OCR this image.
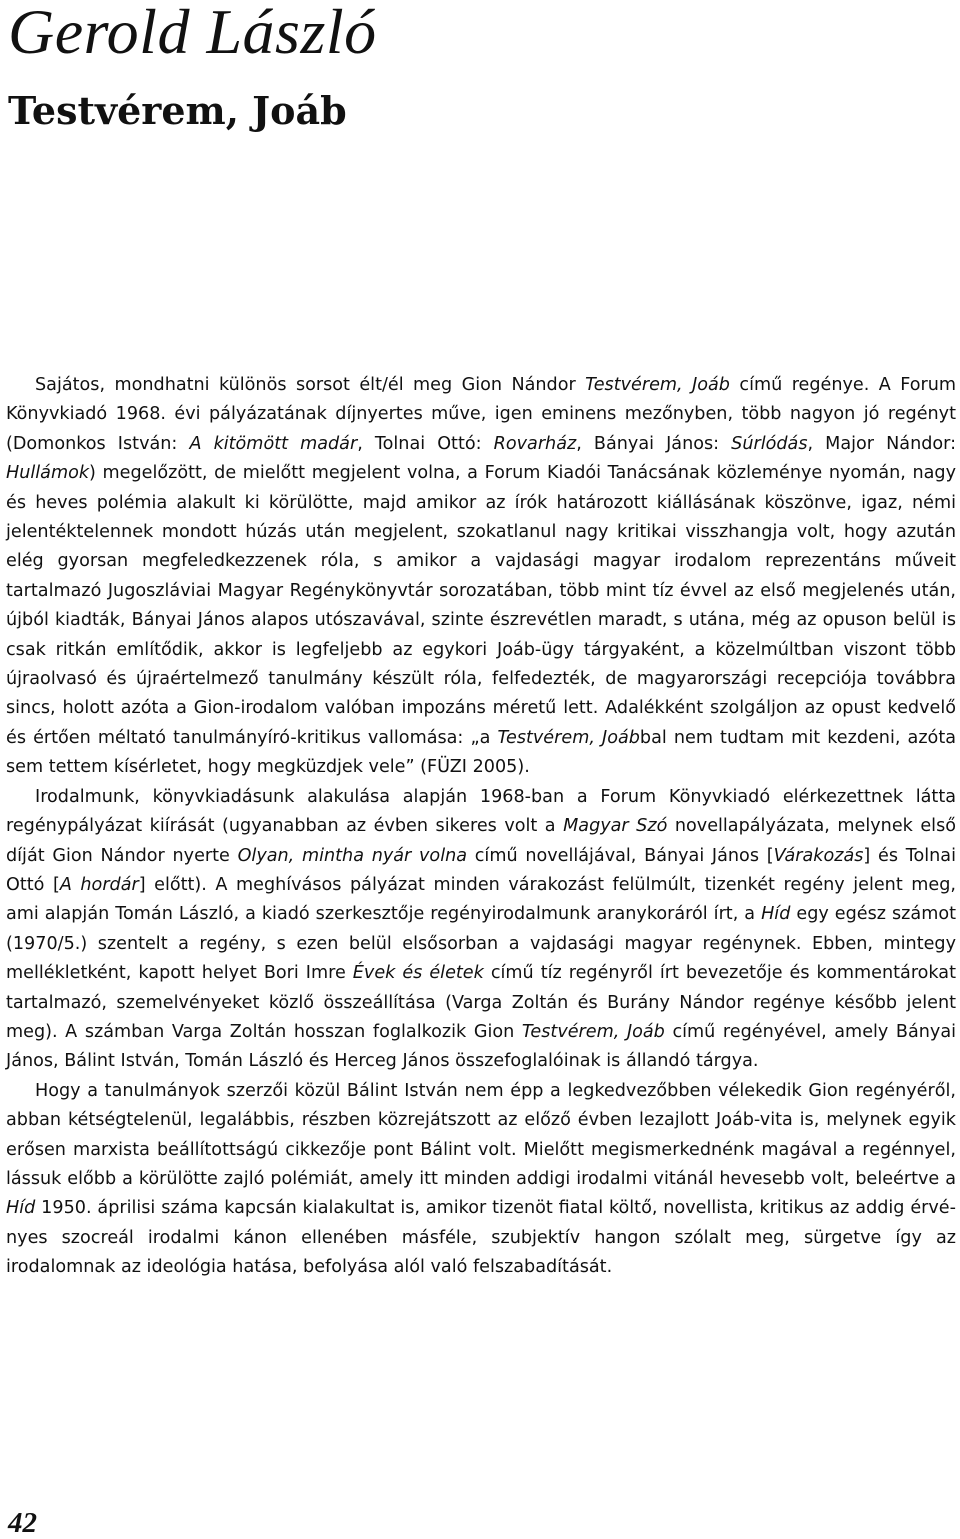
Gerold László
Testvérem, Joáb

Sajátos, mondhatni különös sorsot élt/él meg Gion Nándor Testvérem, Joáb című regénye. A Forum Könyvkiadó 1968. évi pályázatának díjnyertes műve, igen eminens mezőnyben, több nagyon jó regényt (Domonkos István: A kitömött madár, Tolnai Ottó: Rovarház, Bányai János: Súrlódás, Major Nándor: Hullámok) megelőzött, de mielőtt megjelent volna, a Forum Kiadói Tanácsának közleménye nyomán, nagy és heves polémia alakult ki körülötte, majd amikor az írók határozott kiállásának köszönve, igaz, némi jelentéktelennek mondott húzás után megjelent, szokatlanul nagy kritikai visszhangja volt, hogy azután elég gyorsan megfeledkezzenek róla, s amikor a vajdasági magyar irodalom reprezentáns műveit tartalmazó Jugoszláviai Magyar Regénykönyvtár sorozatában, több mint tíz évvel az első megjelenés után, újból kiadták, Bányai János alapos utószavával, szinte észrevétlen maradt, s utána, még az opuson belül is csak ritkán említődik, akkor is legfeljebb az egykori Joáb-ügy tárgyaként, a közelmúltban viszont több újraolvasó és újraértelmező tanulmány készült róla, felfedezték, de magyarországi recepciója továbbra sincs, holott azóta a Gion-irodalom valóban impozáns méretű lett. Adalékként szolgáljon az opust kedvelő és értően méltató tanulmányíró-kritikus vallomása: „a Testvérem, Joábbal nem tudtam mit kezdeni, azóta sem tettem kísérletet, hogy megküzdjek vele” (FÜZI 2005).

Irodalmunk, könyvkiadásunk alakulása alapján 1968-ban a Forum Könyvkiadó elérkezettnek látta regénypályázat kiírását (ugyanabban az évben sikeres volt a Magyar Szó novellapályázata, melynek első díját Gion Nándor nyerte Olyan, mintha nyár volna című novellájával, Bányai János [Várakozás] és Tolnai Ottó [A hordár] előtt). A meghívásos pályázat minden várakozást felülmúlt, tizenkét regény jelent meg, ami alapján Tomán László, a kiadó szerkesztője regényirodalmunk aranykoráról írt, a Híd egy egész számot (1970/5.) szentelt a regény, s ezen belül elsősorban a vajdasági magyar regénynek. Ebben, mintegy mellékletként, kapott helyet Bori Imre Évek és életek című tíz regényről írt bevezetője és kommentárokat tartalmazó, szemelvényeket közlő összeállítása (Varga Zoltán és Burány Nándor regénye később jelent meg). A számban Varga Zoltán hosszan foglalkozik Gion Testvérem, Joáb című regényével, amely Bányai János, Bálint István, Tomán László és Herceg János összefoglalóinak is állandó tárgya.

Hogy a tanulmányok szerzői közül Bálint István nem épp a legkedvezőbben vélekedik Gion regényéről, abban kétségtelenül, legalábbis, részben közrejátszott az előző évben lezajlott Joáb-vita is, melynek egyik erősen marxista beállítottságú cikkezője pont Bálint volt. Mielőtt megismerkednénk magával a regénnyel, lássuk előbb a körülötte zajló polémiát, amely itt minden addigi irodalmi vitánál hevesebb volt, beleértve a Híd 1950. áprilisi száma kapcsán kialakultat is, amikor tizenöt fiatal költő, novellista, kritikus az addig érvényes szocreál irodalmi kánon ellenében másféle, szubjektív hangon szólalt meg, sürgetve így az irodalomnak az ideológia hatása, befolyása alól való felszabadítását.

42
